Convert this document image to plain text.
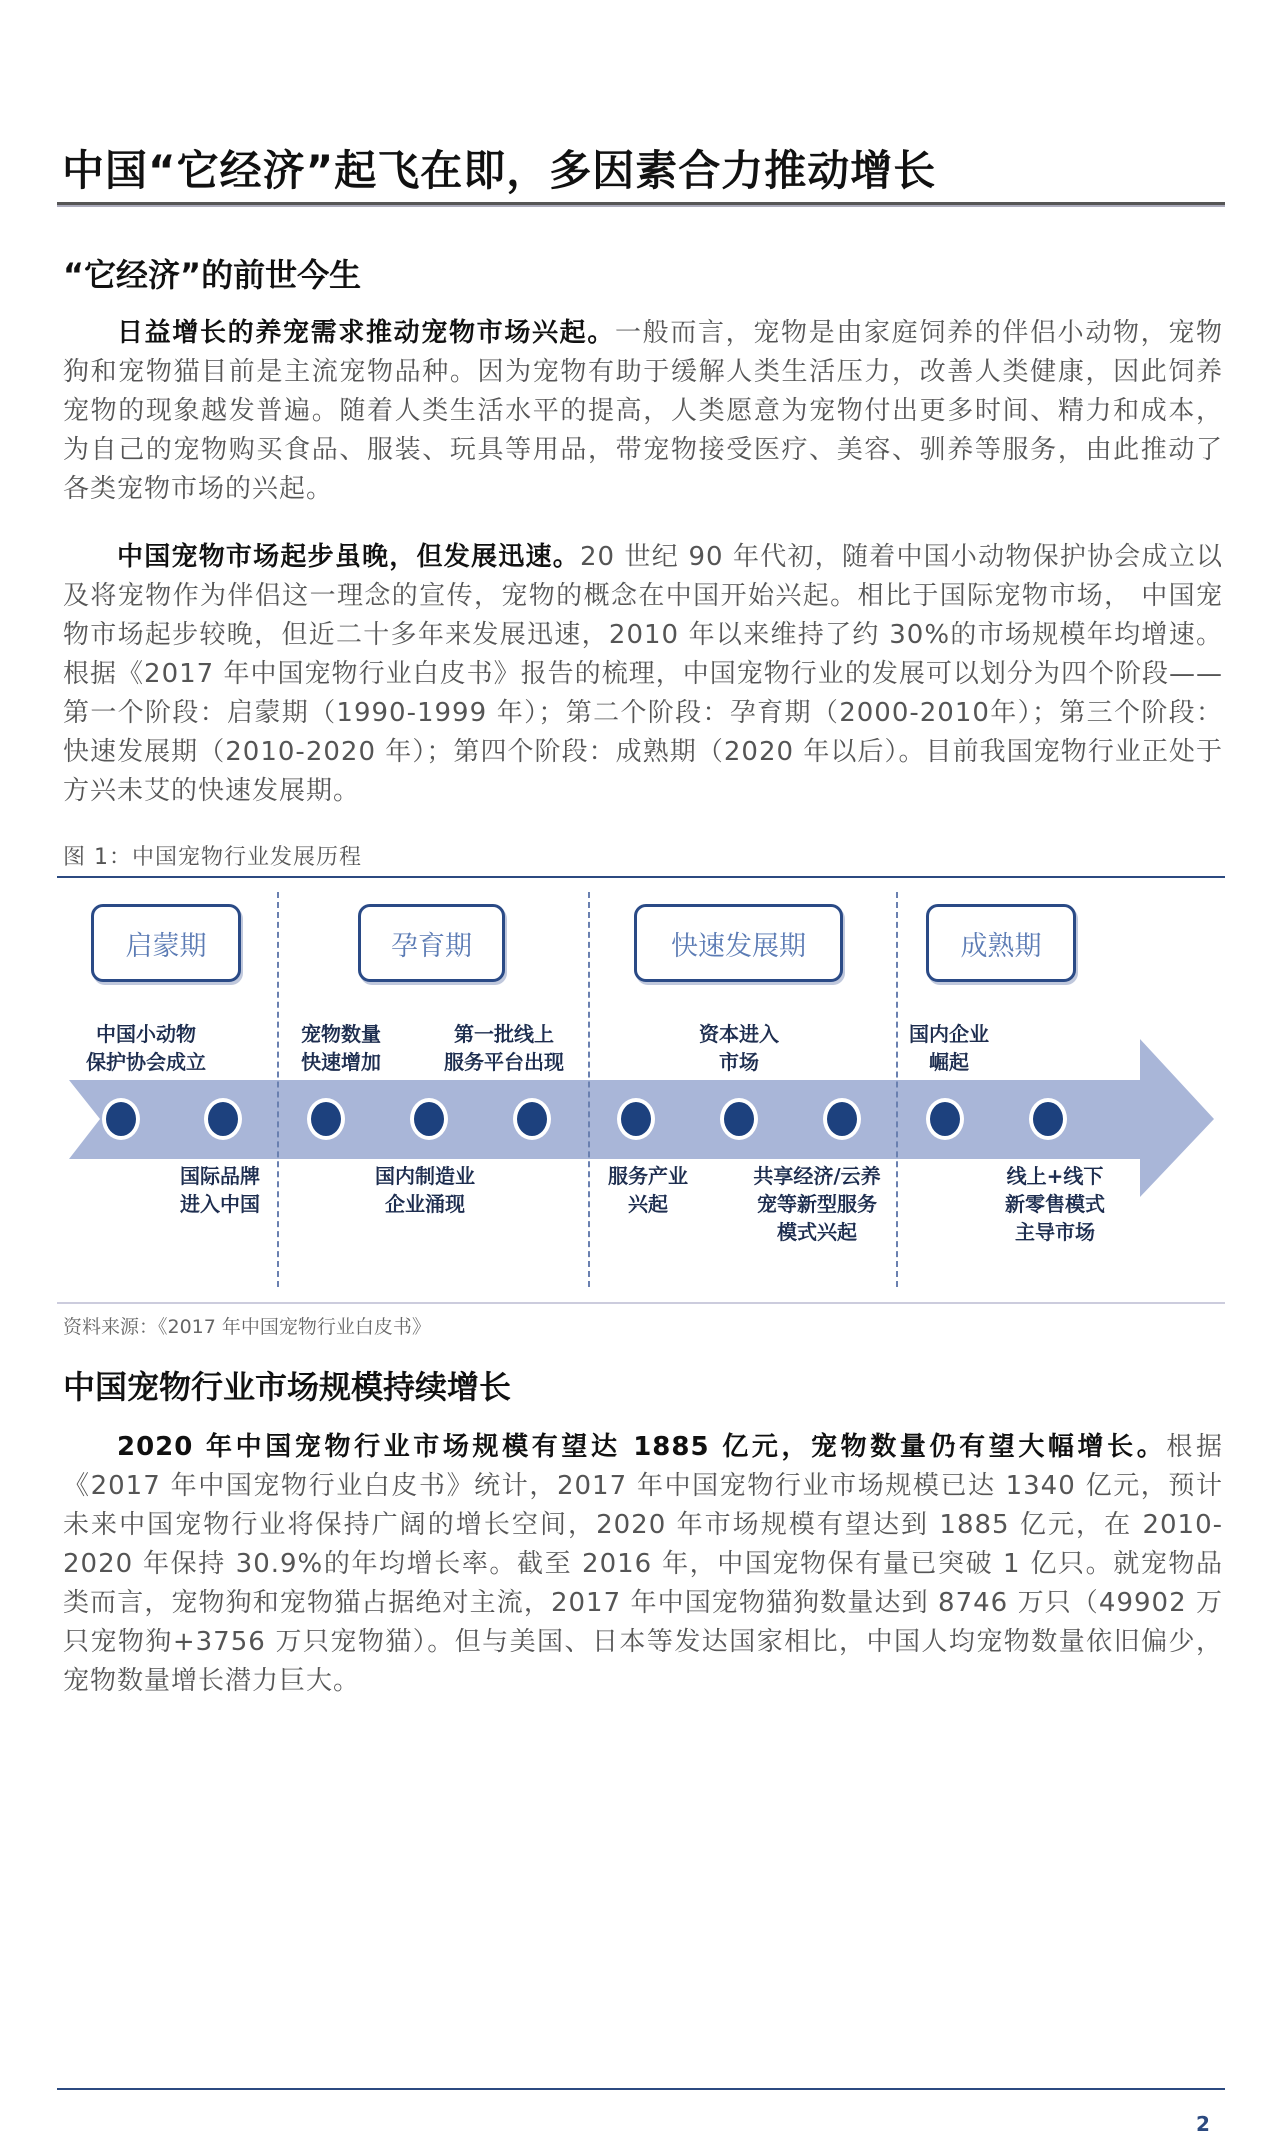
中国“它经济”起飞在即，多因素合力推动增长
“它经济”的前世今生

日益增长的养宠需求推动宠物市场兴起。一般而言，宠物是由家庭饲养的伴侣小动物，宠物狗和宠物猫目前是主流宠物品种。因为宠物有助于缓解人类生活压力，改善人类健康，因此饲养宠物的现象越发普遍。随着人类生活水平的提高，人类愿意为宠物付出更多时间、精力和成本，为自己的宠物购买食品、服装、玩具等用品，带宠物接受医疗、美容、驯养等服务，由此推动了各类宠物市场的兴起。

中国宠物市场起步虽晚，但发展迅速。20 世纪 90 年代初，随着中国小动物保护协会成立以及将宠物作为伴侣这一理念的宣传，宠物的概念在中国开始兴起。相比于国际宠物市场， 中国宠物市场起步较晚，但近二十多年来发展迅速，2010 年以来维持了约 30%的市场规模年均增速。根据《2017 年中国宠物行业白皮书》报告的梳理，中国宠物行业的发展可以划分为四个阶段——第一个阶段：启蒙期（1990-1999 年）；第二个阶段：孕育期（2000-2010年）；第三个阶段：快速发展期（2010-2020 年）；第四个阶段：成熟期（2020 年以后）。目前我国宠物行业正处于方兴未艾的快速发展期。

图 1：中国宠物行业发展历程
启蒙期	孕育期	快速发展期	成熟期
中国小动物
保护协会成立
宠物数量
快速增加
第一批线上
服务平台出现
资本进入
市场
国内企业
崛起
国际品牌
进入中国
国内制造业
企业涌现
服务产业
兴起
共享经济/云养
宠等新型服务
模式兴起
线上+线下
新零售模式
主导市场
资料来源：《2017 年中国宠物行业白皮书》
中国宠物行业市场规模持续增长

2020 年中国宠物行业市场规模有望达 1885 亿元，宠物数量仍有望大幅增长。根据《2017 年中国宠物行业白皮书》统计，2017 年中国宠物行业市场规模已达 1340 亿元，预计未来中国宠物行业将保持广阔的增长空间，2020 年市场规模有望达到 1885 亿元，在 2010-2020 年保持 30.9%的年均增长率。截至 2016 年，中国宠物保有量已突破 1 亿只。就宠物品类而言，宠物狗和宠物猫占据绝对主流，2017 年中国宠物猫狗数量达到 8746 万只（49902 万只宠物狗+3756 万只宠物猫）。但与美国、日本等发达国家相比，中国人均宠物数量依旧偏少， 宠物数量增长潜力巨大。

2
